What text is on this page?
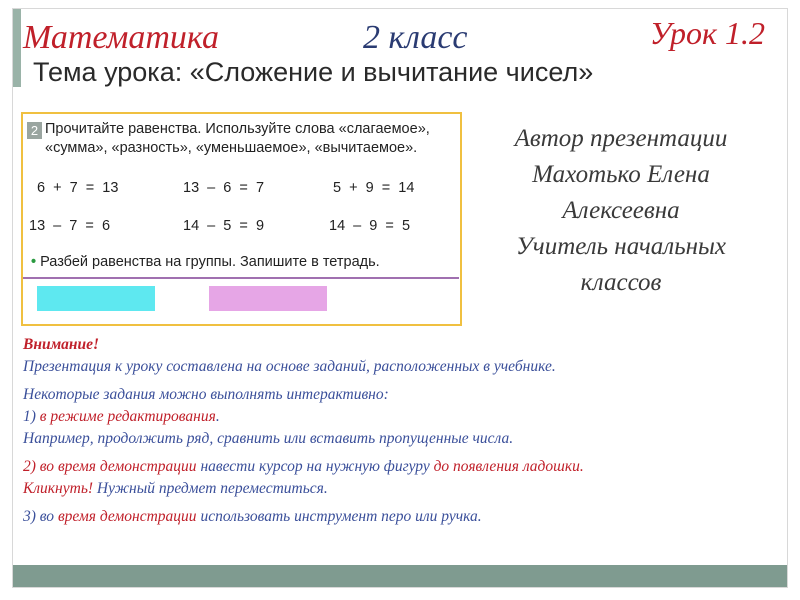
Математика	2 класс	Урок 1.2
Тема урока: «Сложение и вычитание чисел»
2 Прочитайте равенства. Используйте слова «слагаемое», «сумма», «разность», «уменьшаемое», «вычитаемое».
6  +  7  =  13	13  –  6  =  7	5  +  9  =  14
13  –  7  =  6	14  –  5  =  9	14  –  9  =  5
• Разбей равенства на группы. Запишите в тетрадь.
Автор презентации
Махотько Елена
Алексеевна
Учитель начальных
классов

Внимание!

Презентация к уроку составлена на основе заданий, расположенных в учебнике.

Некоторые задания можно выполнять интерактивно:

1) в режиме редактирования.

Например, продолжить ряд, сравнить или вставить пропущенные числа.

2) во время демонстрации навести курсор на нужную фигуру до появления ладошки.

Кликнуть! Нужный предмет переместиться.

3) во время демонстрации использовать инструмент перо или ручка.
